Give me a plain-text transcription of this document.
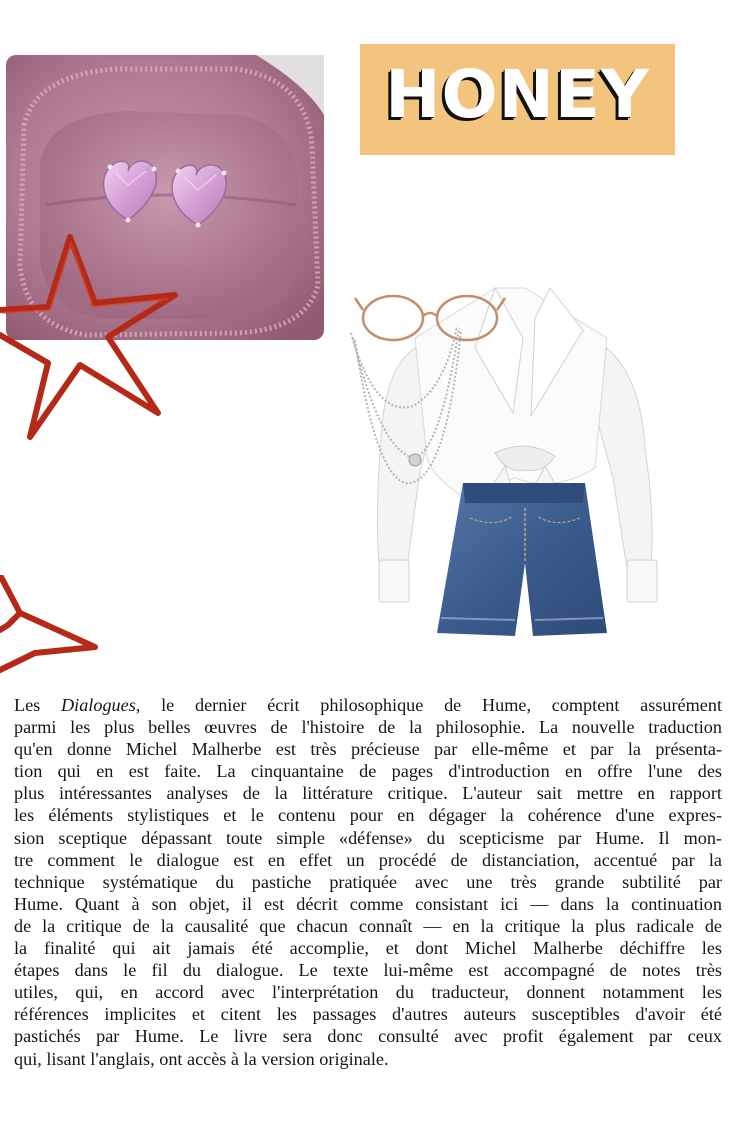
HONEY
Les Dialogues, le dernier écrit philosophique de Hume, comptent assurément
parmi les plus belles œuvres de l'histoire de la philosophie. La nouvelle traduction
qu'en donne Michel Malherbe est très précieuse par elle-même et par la présenta-
tion qui en est faite. La cinquantaine de pages d'introduction en offre l'une des
plus intéressantes analyses de la littérature critique. L'auteur sait mettre en rapport
les éléments stylistiques et le contenu pour en dégager la cohérence d'une expres-
sion sceptique dépassant toute simple «défense» du scepticisme par Hume. Il mon-
tre comment le dialogue est en effet un procédé de distanciation, accentué par la
technique systématique du pastiche pratiquée avec une très grande subtilité par
Hume. Quant à son objet, il est décrit comme consistant ici — dans la continuation
de la critique de la causalité que chacun connaît — en la critique la plus radicale de
la finalité qui ait jamais été accomplie, et dont Michel Malherbe déchiffre les
étapes dans le fil du dialogue. Le texte lui-même est accompagné de notes très
utiles, qui, en accord avec l'interprétation du traducteur, donnent notamment les
références implicites et citent les passages d'autres auteurs susceptibles d'avoir été
pastichés par Hume. Le livre sera donc consulté avec profit également par ceux
qui, lisant l'anglais, ont accès à la version originale.
